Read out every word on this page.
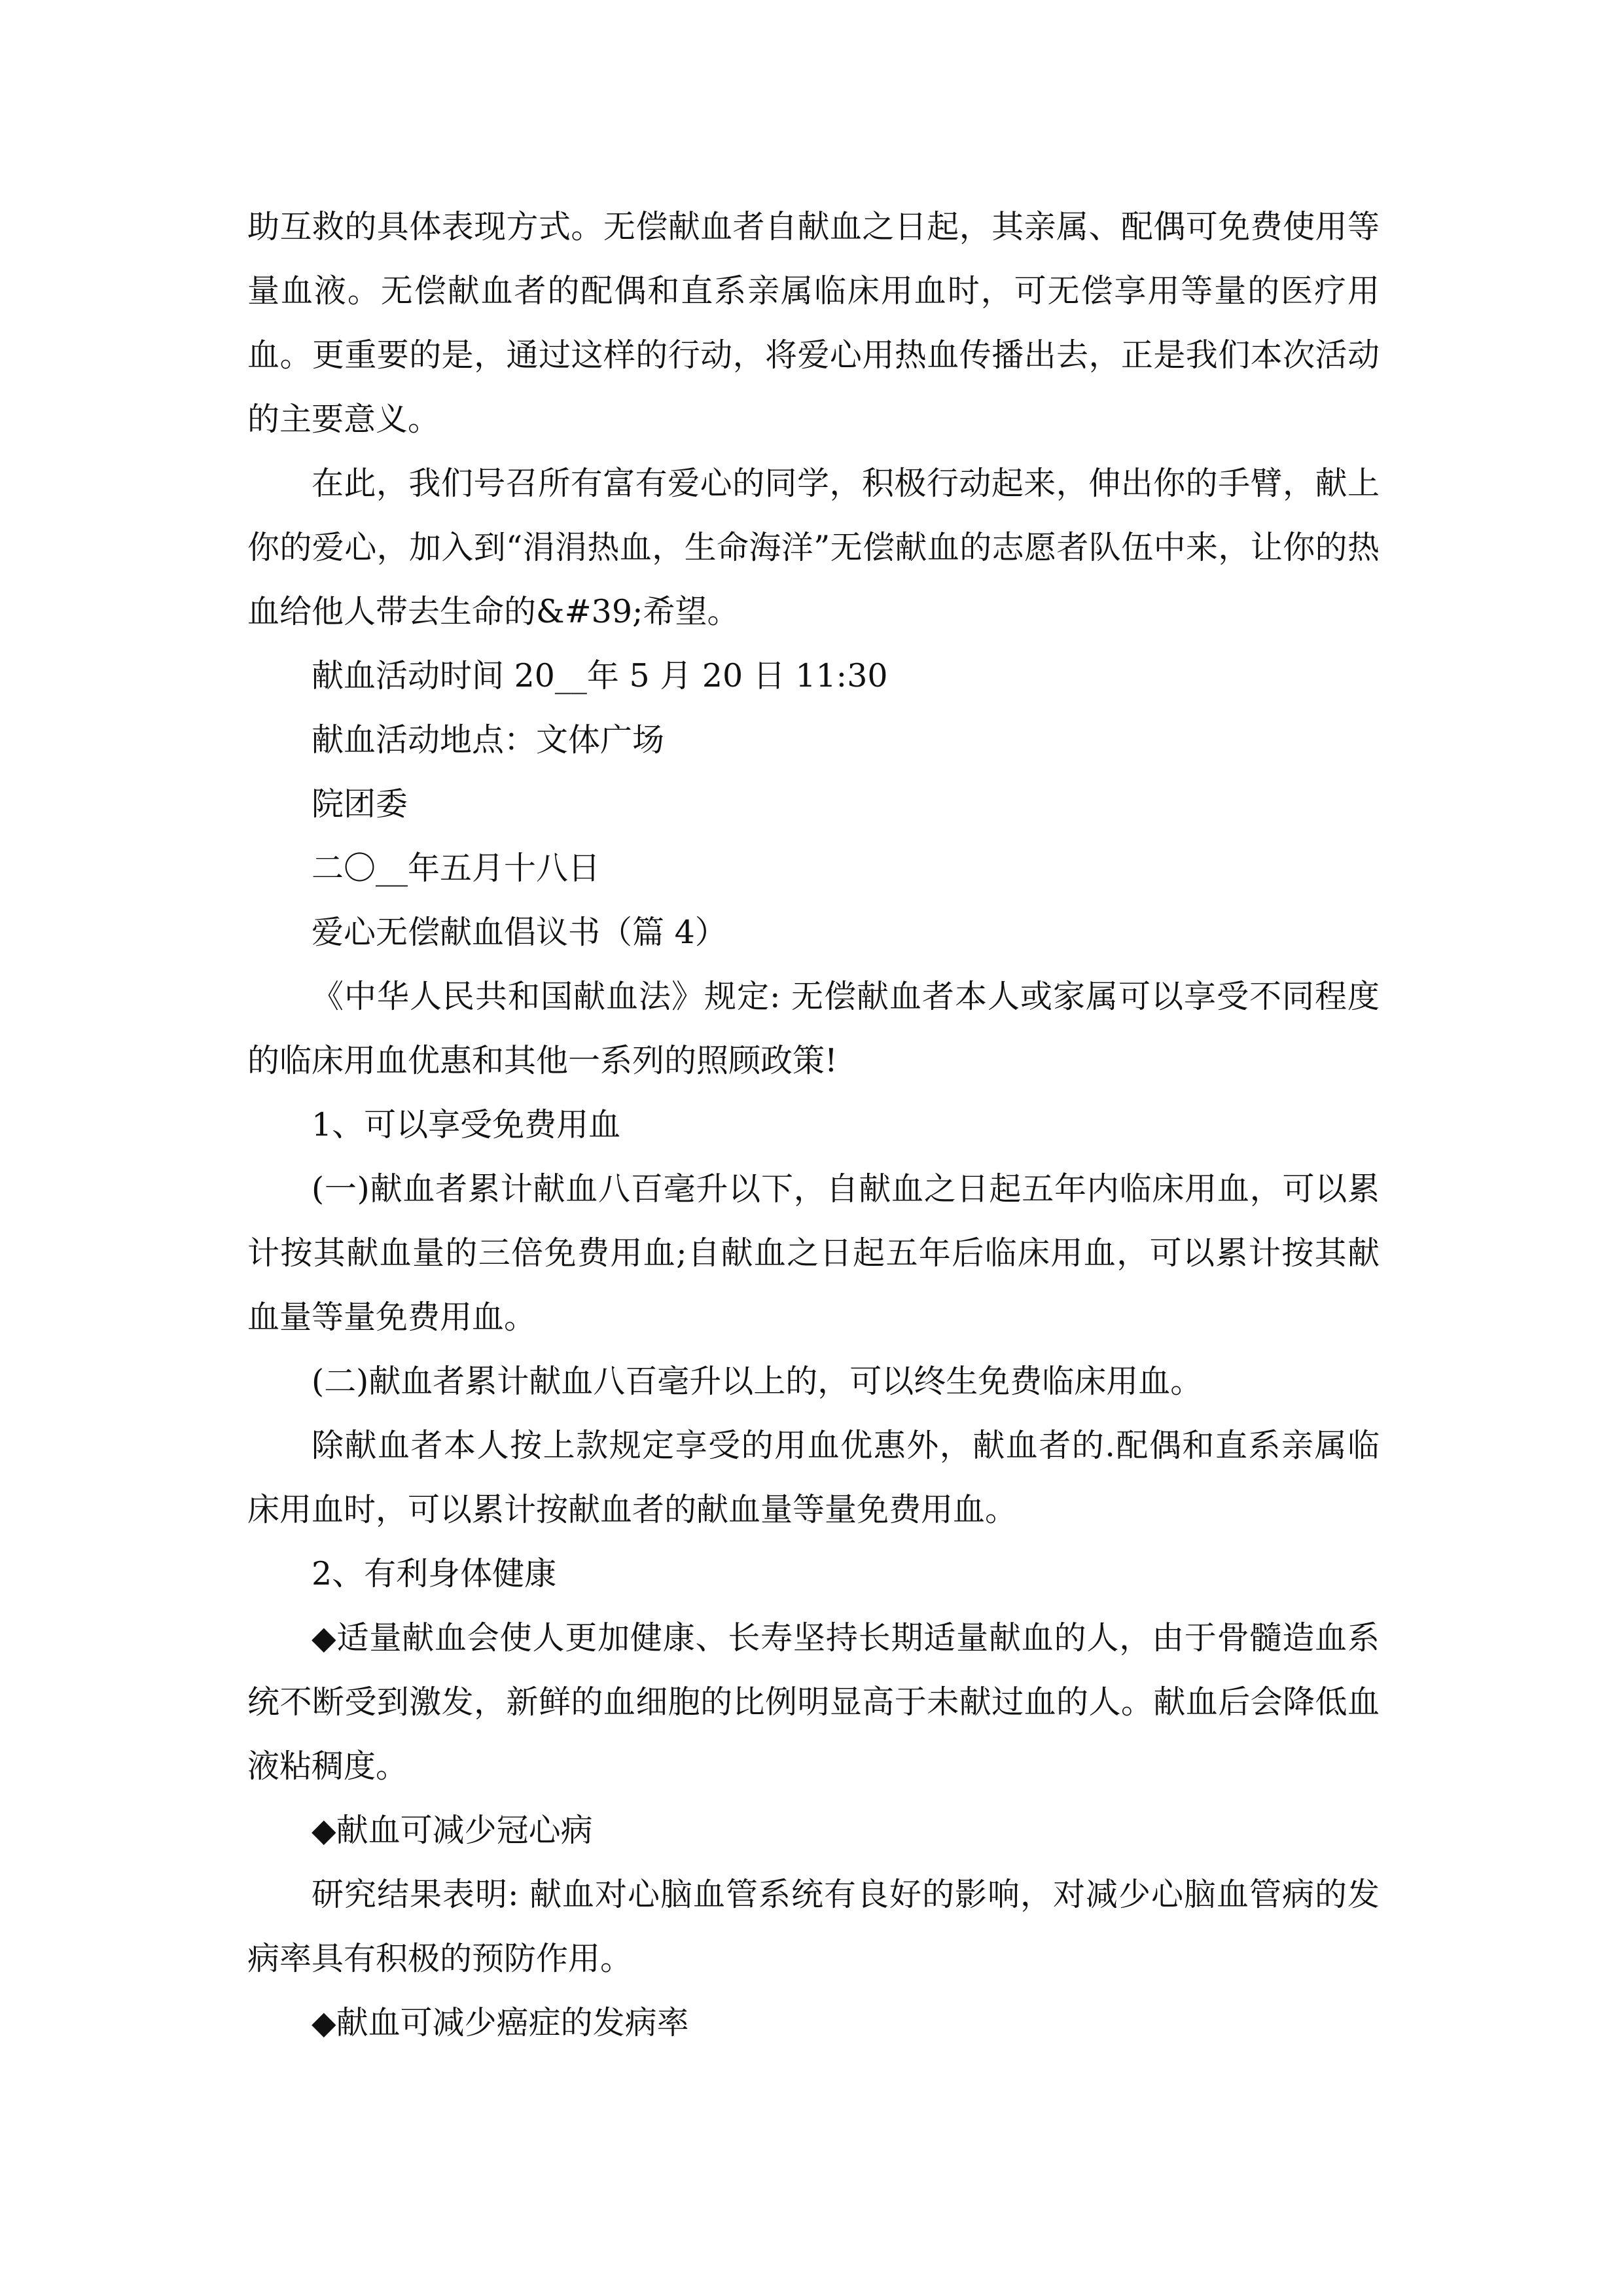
助互救的具体表现方式。无偿献血者自献血之日起，其亲属、配偶可免费使用等量血液。无偿献血者的配偶和直系亲属临床用血时，可无偿享用等量的医疗用血。更重要的是，通过这样的行动，将爱心用热血传播出去，正是我们本次活动的主要意义。

在此，我们号召所有富有爱心的同学，积极行动起来，伸出你的手臂，献上你的爱心，加入到“涓涓热血，生命海洋”无偿献血的志愿者队伍中来，让你的热血给他人带去生命的&#39;希望。

献血活动时间 20__年 5 月 20 日 11:30

献血活动地点：文体广场

院团委

二〇__年五月十八日

爱心无偿献血倡议书（篇 4）

《中华人民共和国献血法》规定: 无偿献血者本人或家属可以享受不同程度的临床用血优惠和其他一系列的照顾政策!

1、可以享受免费用血

(一)献血者累计献血八百毫升以下，自献血之日起五年内临床用血，可以累计按其献血量的三倍免费用血;自献血之日起五年后临床用血，可以累计按其献血量等量免费用血。

(二)献血者累计献血八百毫升以上的，可以终生免费临床用血。

除献血者本人按上款规定享受的用血优惠外，献血者的.配偶和直系亲属临床用血时，可以累计按献血者的献血量等量免费用血。

2、有利身体健康

◆适量献血会使人更加健康、长寿坚持长期适量献血的人，由于骨髓造血系统不断受到激发，新鲜的血细胞的比例明显高于未献过血的人。献血后会降低血液粘稠度。

◆献血可减少冠心病

研究结果表明: 献血对心脑血管系统有良好的影响，对减少心脑血管病的发病率具有积极的预防作用。

◆献血可减少癌症的发病率
